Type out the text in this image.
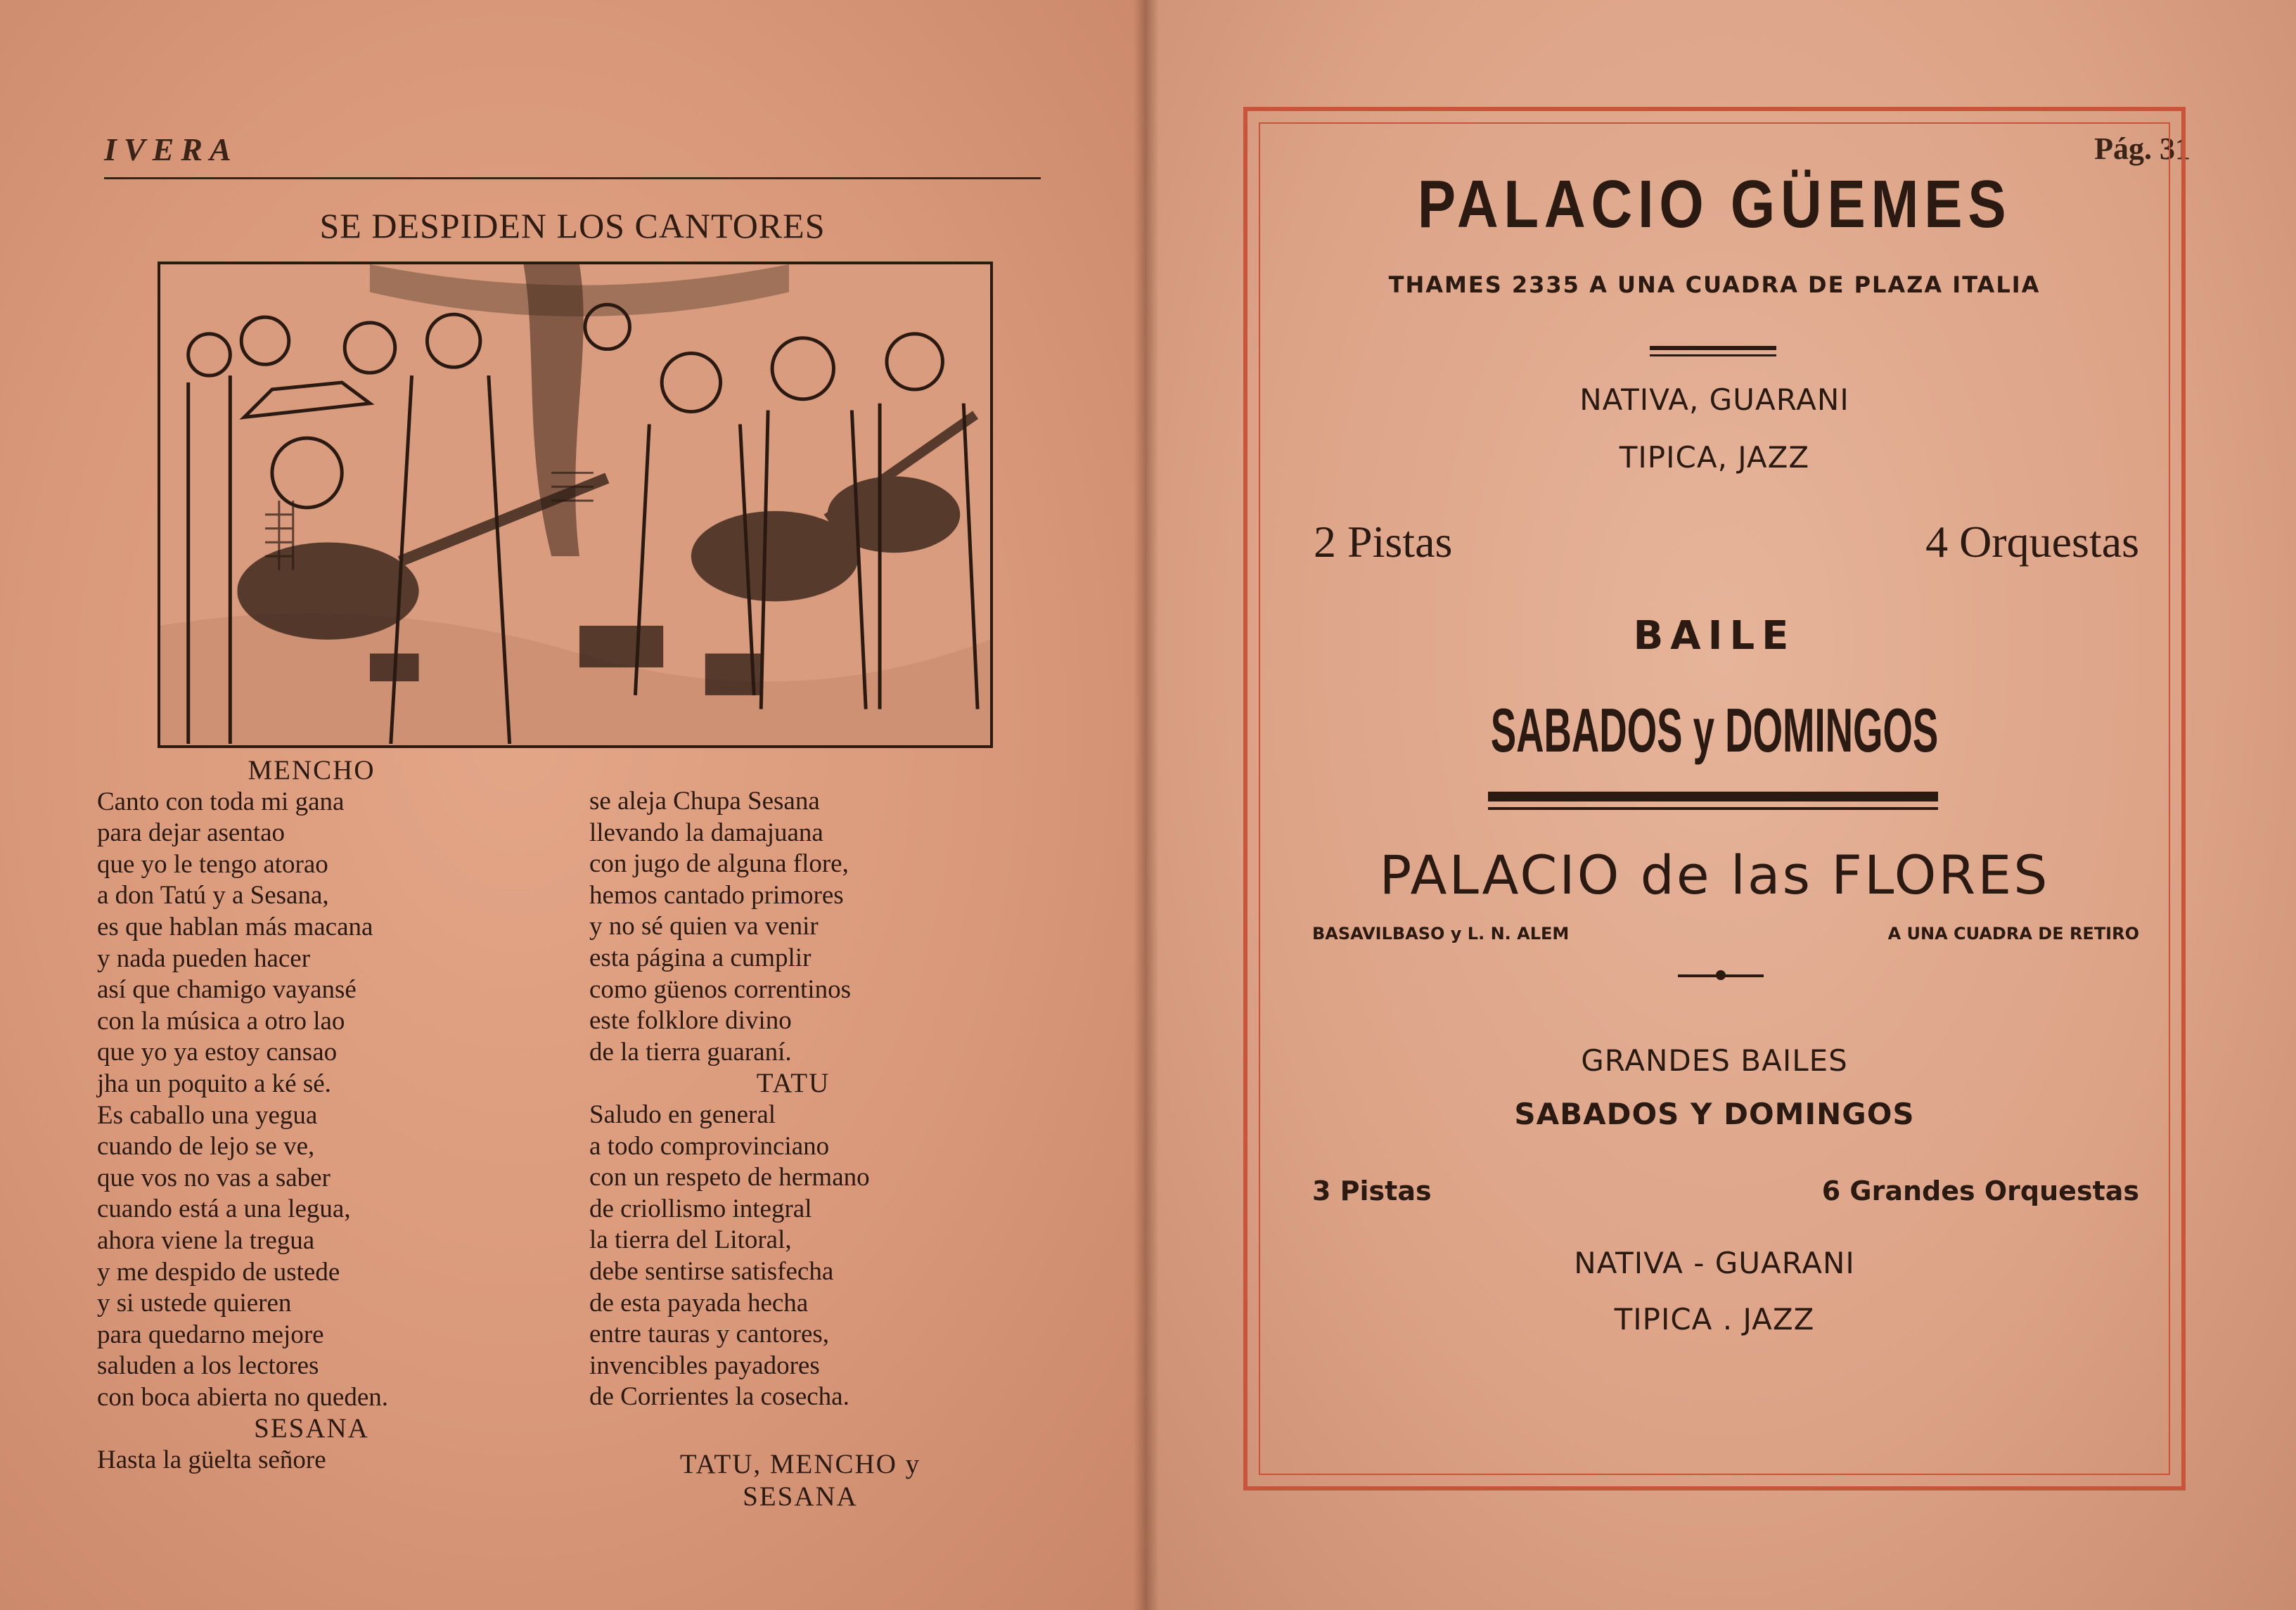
IVERA	Pág. 31
SE DESPIDEN LOS CANTORES
MENCHO
Canto con toda mi gana
para dejar asentao
que yo le tengo atorao
a don Tatú y a Sesana,
es que hablan más macana
y nada pueden hacer
así que chamigo vayansé
con la música a otro lao
que yo ya estoy cansao
jha un poquito a ké sé.
Es caballo una yegua
cuando de lejo se ve,
que vos no vas a saber
cuando está a una legua,
ahora viene la tregua
y me despido de ustede
y si ustede quieren
para quedarno mejore
saluden a los lectores
con boca abierta no queden.
SESANA
Hasta la güelta señore
se aleja Chupa Sesana
llevando la damajuana
con jugo de alguna flore,
hemos cantado primores
y no sé quien va venir
esta página a cumplir
como güenos correntinos
este folklore divino
de la tierra guaraní.
TATU
Saludo en general
a todo comprovinciano
con un respeto de hermano
de criollismo integral
la tierra del Litoral,
debe sentirse satisfecha
de esta payada hecha
entre tauras y cantores,
invencibles payadores
de Corrientes la cosecha.
TATU, MENCHO y
SESANA
PALACIO GÜEMES
THAMES 2335 A UNA CUADRA DE PLAZA ITALIA
NATIVA, GUARANI
TIPICA, JAZZ
2 Pistas	4 Orquestas
BAILE
SABADOS y DOMINGOS
PALACIO de las FLORES
BASAVILBASO y L. N. ALEM	A UNA CUADRA DE RETIRO
GRANDES BAILES
SABADOS Y DOMINGOS
3 Pistas	6 Grandes Orquestas
NATIVA - GUARANI
TIPICA . JAZZ
